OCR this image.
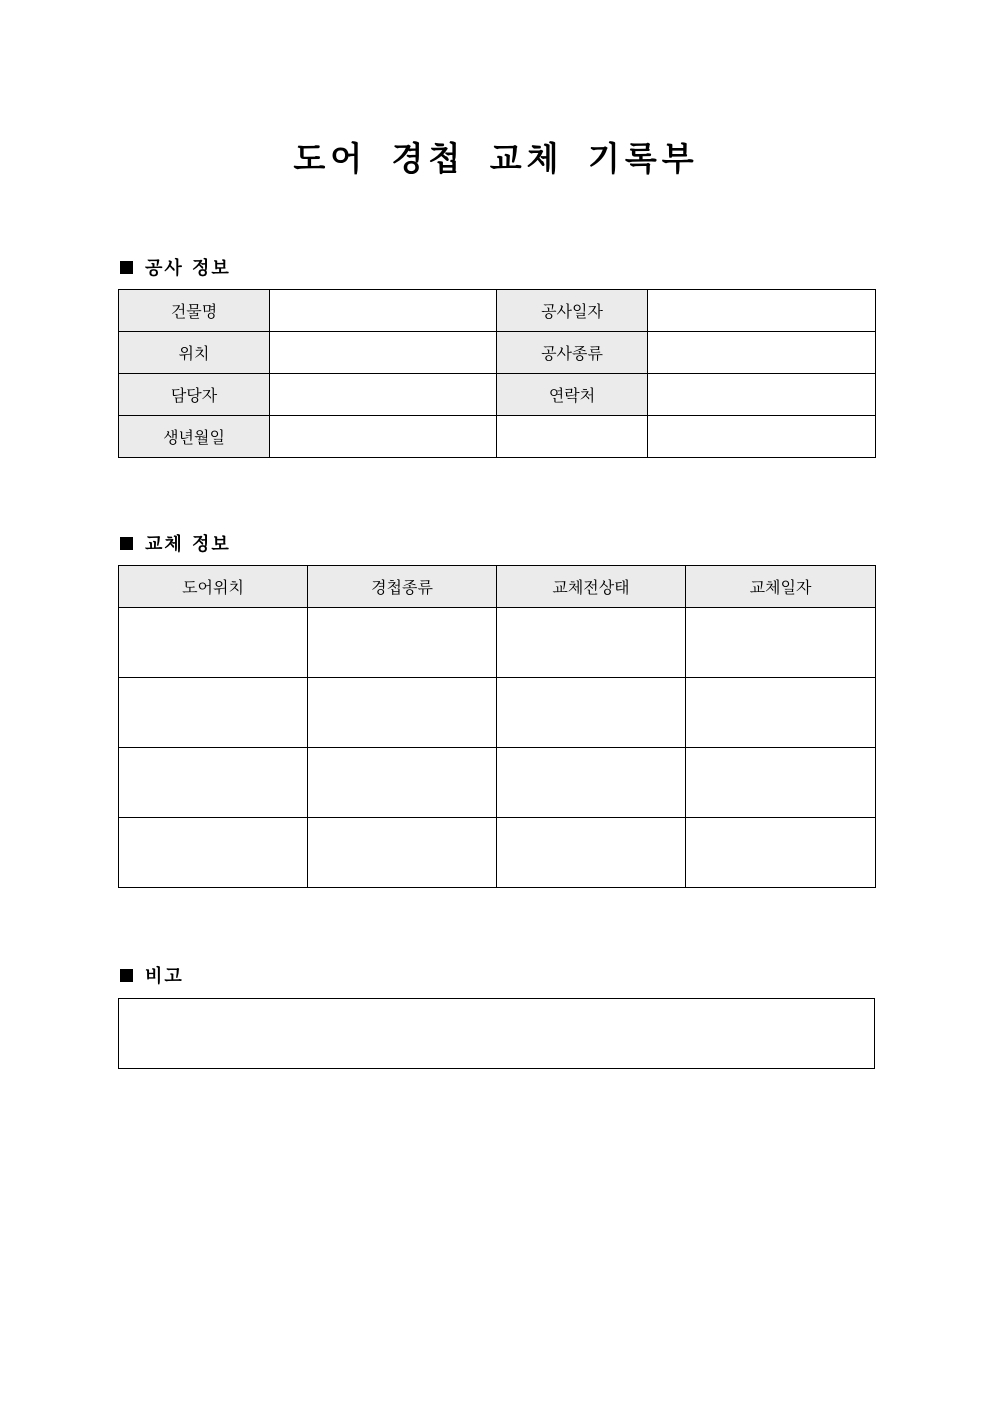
도어 경첩 교체 기록부
공사 정보
건물명		공사일자	
위치		공사종류	
담당자		연락처	
생년월일			
교체 정보
도어위치	경첩종류	교체전상태	교체일자

비고
